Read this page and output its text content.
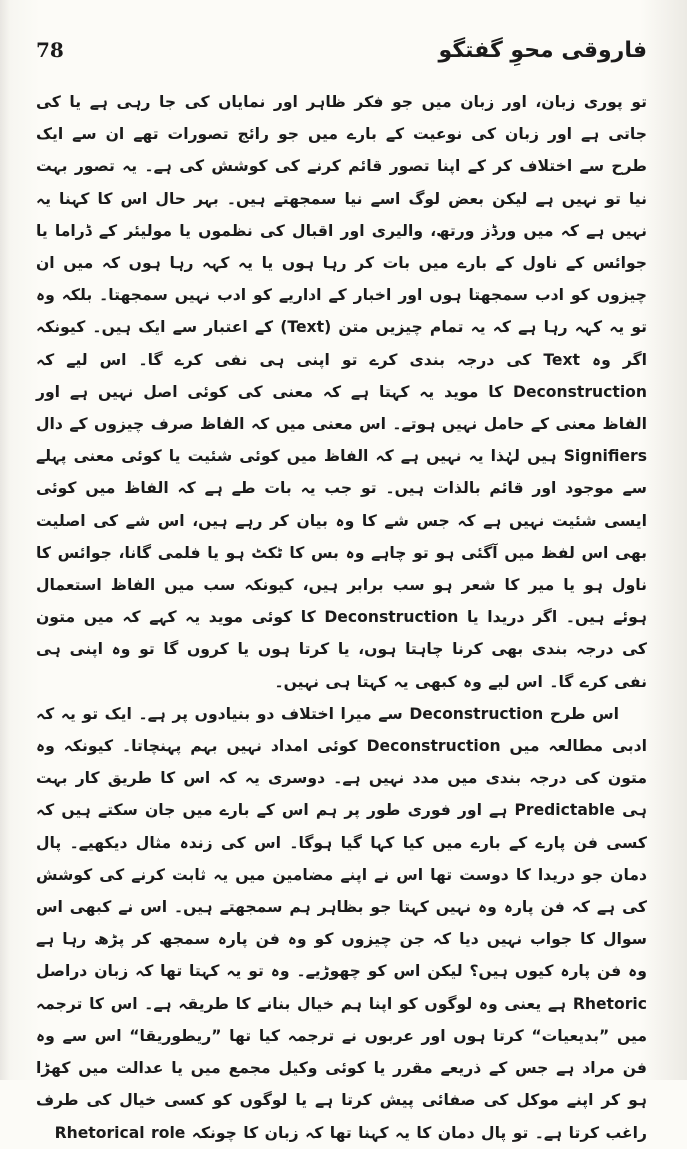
78	فاروقی محوِ گفتگو

تو پوری زبان، اور زبان میں جو فکر ظاہر اور نمایاں کی جا رہی ہے یا کی جاتی ہے اور زبان کی نوعیت کے بارے میں جو رائج تصورات تھے ان سے ایک طرح سے اختلاف کر کے اپنا تصور قائم کرنے کی کوشش کی ہے۔ یہ تصور بہت نیا تو نہیں ہے لیکن بعض لوگ اسے نیا سمجھتے ہیں۔ بہر حال اس کا کہنا یہ نہیں ہے کہ میں ورڈز ورتھ، والیری اور اقبال کی نظموں یا مولیئر کے ڈراما یا جوائس کے ناول کے بارے میں بات کر رہا ہوں یا یہ کہہ رہا ہوں کہ میں ان چیزوں کو ادب سمجھتا ہوں اور اخبار کے اداریے کو ادب نہیں سمجھتا۔ بلکہ وہ تو یہ کہہ رہا ہے کہ یہ تمام چیزیں متن (Text) کے اعتبار سے ایک ہیں۔ کیونکہ اگر وہ Text کی درجہ بندی کرے تو اپنی ہی نفی کرے گا۔ اس لیے کہ Deconstruction کا موید یہ کہتا ہے کہ معنی کی کوئی اصل نہیں ہے اور الفاظ معنی کے حامل نہیں ہوتے۔ اس معنی میں کہ الفاظ صرف چیزوں کے دال Signifiers ہیں لہٰذا یہ نہیں ہے کہ الفاظ میں کوئی شئیت یا کوئی معنی پہلے سے موجود اور قائم بالذات ہیں۔ تو جب یہ بات طے ہے کہ الفاظ میں کوئی ایسی شئیت نہیں ہے کہ جس شے کا وہ بیان کر رہے ہیں، اس شے کی اصلیت بھی اس لفظ میں آگئی ہو تو چاہے وہ بس کا ٹکٹ ہو یا فلمی گانا، جوائس کا ناول ہو یا میر کا شعر ہو سب برابر ہیں، کیونکہ سب میں الفاظ استعمال ہوئے ہیں۔ اگر دریدا یا Deconstruction کا کوئی موید یہ کہے کہ میں متون کی درجہ بندی بھی کرنا چاہتا ہوں، یا کرتا ہوں یا کروں گا تو وہ اپنی ہی نفی کرے گا۔ اس لیے وہ کبھی یہ کہتا ہی نہیں۔

اس طرح Deconstruction سے میرا اختلاف دو بنیادوں پر ہے۔ ایک تو یہ کہ ادبی مطالعہ میں Deconstruction کوئی امداد نہیں بہم پہنچاتا۔ کیونکہ وہ متون کی درجہ بندی میں مدد نہیں ہے۔ دوسری یہ کہ اس کا طریق کار بہت ہی Predictable ہے اور فوری طور پر ہم اس کے بارے میں جان سکتے ہیں کہ کسی فن پارے کے بارے میں کیا کہا گیا ہوگا۔ اس کی زندہ مثال دیکھیے۔ پال دمان جو دریدا کا دوست تھا اس نے اپنے مضامین میں یہ ثابت کرنے کی کوشش کی ہے کہ فن پارہ وہ نہیں کہتا جو بظاہر ہم سمجھتے ہیں۔ اس نے کبھی اس سوال کا جواب نہیں دیا کہ جن چیزوں کو وہ فن پارہ سمجھ کر پڑھ رہا ہے وہ فن پارہ کیوں ہیں؟ لیکن اس کو چھوڑیے۔ وہ تو یہ کہتا تھا کہ زبان دراصل Rhetoric ہے یعنی وہ لوگوں کو اپنا ہم خیال بنانے کا طریقہ ہے۔ اس کا ترجمہ میں ”بدیعیات“ کرتا ہوں اور عربوں نے ترجمہ کیا تھا ”ریطوریقا“ اس سے وہ فن مراد ہے جس کے ذریعے مقرر یا کوئی وکیل مجمع میں یا عدالت میں کھڑا ہو کر اپنے موکل کی صفائی پیش کرتا ہے یا لوگوں کو کسی خیال کی طرف راغب کرتا ہے۔ تو پال دمان کا یہ کہنا تھا کہ زبان کا چونکہ Rhetorical role
